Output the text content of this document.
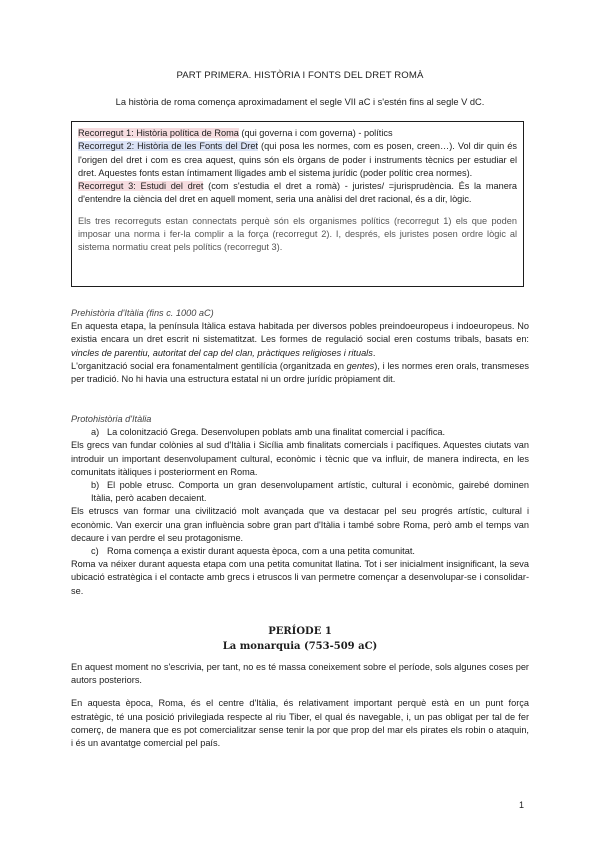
PART PRIMERA. HISTÒRIA I FONTS DEL DRET ROMÀ
La història de roma comença aproximadament el segle VII aC i s'estén fins al segle V dC.

Recorregut 1: Història política de Roma (qui governa i com governa) - polítics

Recorregut 2: Història de les Fonts del Dret (qui posa les normes, com es posen, creen…). Vol dir quin és l'origen del dret i com es crea aquest, quins són els òrgans de poder i instruments tècnics per estudiar el dret. Aquestes fonts estan íntimament lligades amb el sistema jurídic (poder polític crea normes).

Recorregut 3: Estudi del dret (com s'estudia el dret a romà) - juristes/ =jurisprudència. És la manera d'entendre la ciència del dret en aquell moment, seria una anàlisi del dret racional, és a dir, lògic.

Els tres recorreguts estan connectats perquè són els organismes polítics (recorregut 1) els que poden imposar una norma i fer-la complir a la força (recorregut 2). I, després, els juristes posen ordre lògic al sistema normatiu creat pels polítics (recorregut 3).

Prehistòria d'Itàlia (fins c. 1000 aC)

En aquesta etapa, la península Itàlica estava habitada per diversos pobles preindoeuropeus i indoeuropeus. No existia encara un dret escrit ni sistematitzat. Les formes de regulació social eren costums tribals, basats en: vincles de parentiu, autoritat del cap del clan, pràctiques religioses i rituals.

L'organització social era fonamentalment gentilícia (organitzada en gentes), i les normes eren orals, transmeses per tradició. No hi havia una estructura estatal ni un ordre jurídic pròpiament dit.

Protohistòria d'Itàlia

a) La colonització Grega. Desenvolupen poblats amb una finalitat comercial i pacífica.

Els grecs van fundar colònies al sud d'Itàlia i Sicília amb finalitats comercials i pacífiques. Aquestes ciutats van introduir un important desenvolupament cultural, econòmic i tècnic que va influir, de manera indirecta, en les comunitats itàliques i posteriorment en Roma.

b) El poble etrusc. Comporta un gran desenvolupament artístic, cultural i econòmic, gairebé dominen Itàlia, però acaben decaient.

Els etruscs van formar una civilització molt avançada que va destacar pel seu progrés artístic, cultural i econòmic. Van exercir una gran influència sobre gran part d'Itàlia i també sobre Roma, però amb el temps van decaure i van perdre el seu protagonisme.

c) Roma comença a existir durant aquesta època, com a una petita comunitat.

Roma va néixer durant aquesta etapa com una petita comunitat llatina. Tot i ser inicialment insignificant, la seva ubicació estratègica i el contacte amb grecs i etruscos li van permetre començar a desenvolupar-se i consolidar-se.

PERÍODE 1
La monarquia (753-509 aC)

En aquest moment no s'escrivia, per tant, no es té massa coneixement sobre el període, sols algunes coses per autors posteriors.

En aquesta època, Roma, és el centre d'Itàlia, és relativament important perquè està en un punt força estratègic, té una posició privilegiada respecte al riu Tiber, el qual és navegable, i, un pas obligat per tal de fer comerç, de manera que es pot comercialitzar sense tenir la por que prop del mar els pirates els robin o ataquin, i és un avantatge comercial pel país.

1
